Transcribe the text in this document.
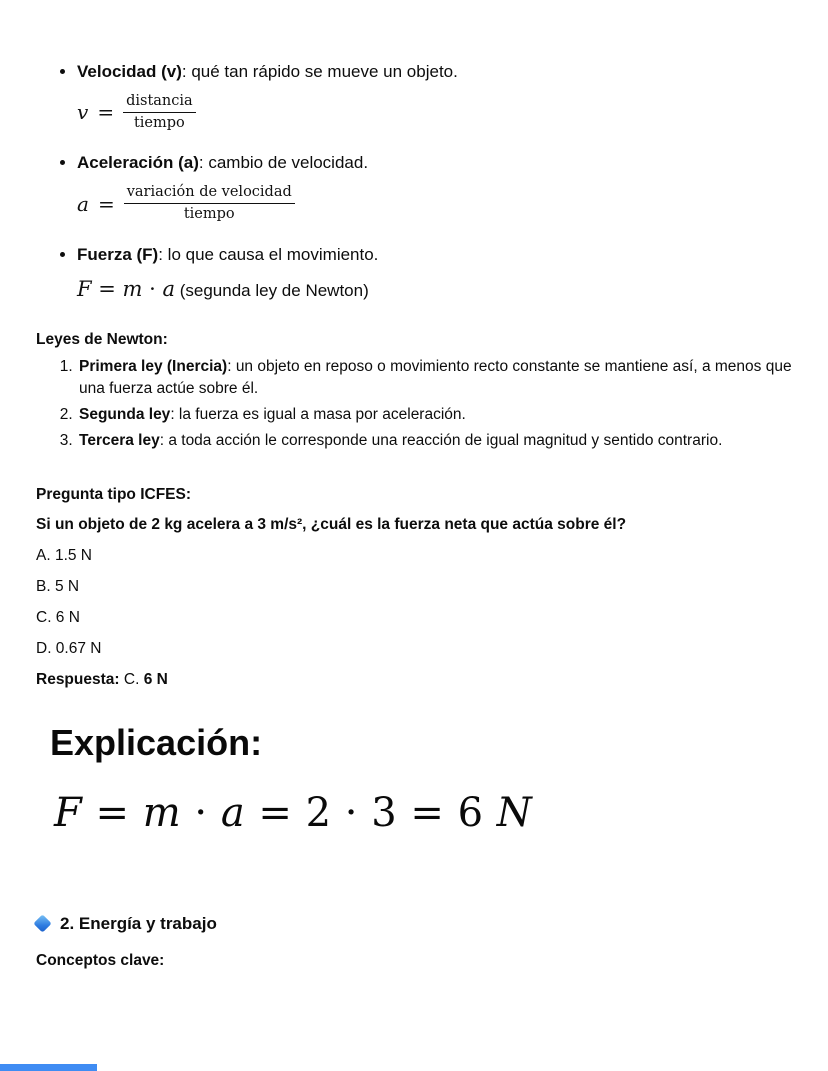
• Velocidad (v): qué tan rápido se mueve un objeto.
$v = \frac{\text{distancia}}{\text{tiempo}}$
• Aceleración (a): cambio de velocidad.
$a = \frac{\text{variación de velocidad}}{\text{tiempo}}$
• Fuerza (F): lo que causa el movimiento.
F = m · a (segunda ley de Newton)
Leyes de Newton:
1. Primera ley (Inercia): un objeto en reposo o movimiento recto constante se mantiene así, a menos que una fuerza actúe sobre él.
2. Segunda ley: la fuerza es igual a masa por aceleración.
3. Tercera ley: a toda acción le corresponde una reacción de igual magnitud y sentido contrario.
Pregunta tipo ICFES:
Si un objeto de 2 kg acelera a 3 m/s², ¿cuál es la fuerza neta que actúa sobre él?
A. 1.5 N
B. 5 N
C. 6 N
D. 0.67 N
Respuesta: C. 6 N
Explicación:
F = m · a = 2 · 3 = 6 N
2. Energía y trabajo
Conceptos clave:
